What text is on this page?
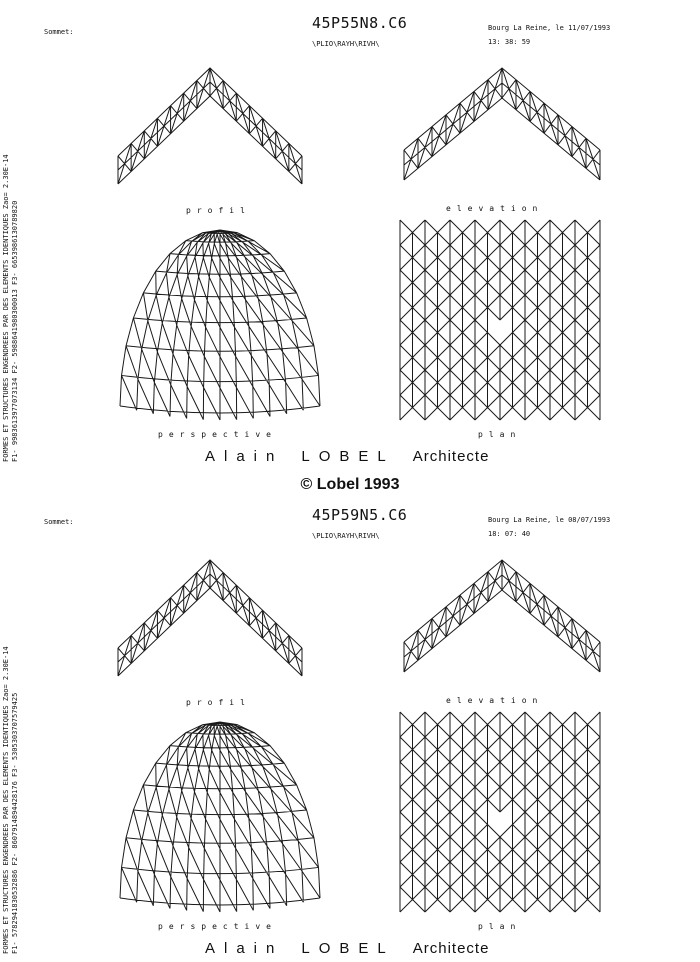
Sommet:	45P55N8.C6
\PLIO\RAYH\RIVH\
Bourg La Reine, le 11/07/1993
13: 38: 59
FORMES ET STRUCTURES ENGENDREES PAR DES ELEMENTS IDENTIQUES Zao= 2.30E-14 F1- 9983613977073134 F2- 5988641980300013 F3- 6653986130789820	profil	elevation
perspective	plan
Alain LOBEL Architecte
© Lobel 1993
Sommet:	45P59N5.C6
\PLIO\RAYH\RIVH\
Bourg La Reine, le 08/07/1993
18: 07: 40
FORMES ET STRUCTURES ENGENDREES PAR DES ELEMENTS IDENTIQUES Zao= 2.30E-14 F1- 5782941830532886 F2- 8607914894428176 F3- 5305303707579425	profil	elevation
perspective	plan
Alain LOBEL Architecte
